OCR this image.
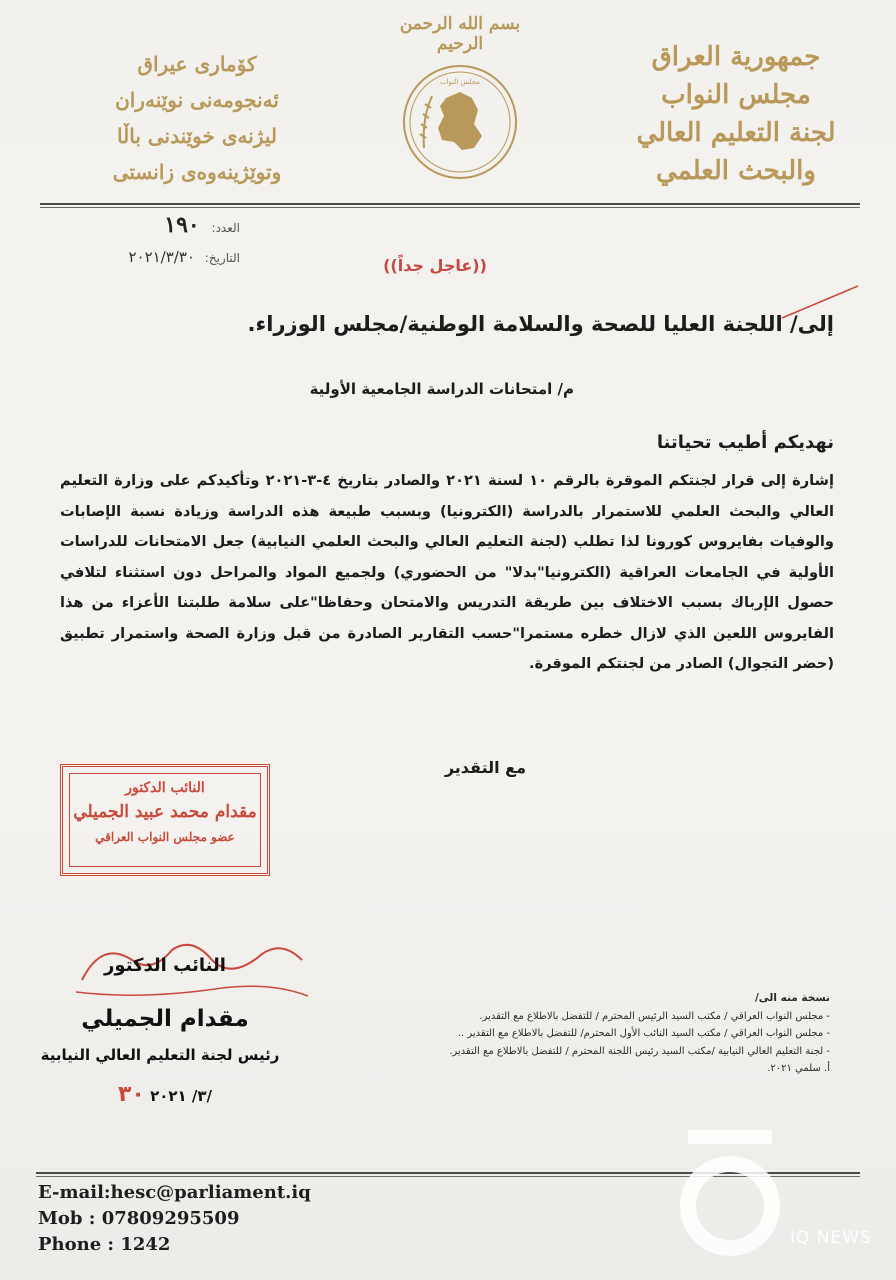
جمهورية العراق
مجلس النواب
لجنة التعليم العالي
والبحث العلمي
بسم الله الرحمن الرحيم
مجلس النواب
کۆماری عیراق
ئەنجومەنی نوێنەران
لیژنەی خوێندنی باڵا
وتوێژینەوەی زانستی
العدد: ١٩٠
التاريخ: ٢٠٢١/٣/٣٠	((عاجل جداً))
إلى/ اللجنة العليا للصحة والسلامة الوطنية/مجلس الوزراء.
م/ امتحانات الدراسة الجامعية الأولية
نهديكم أطيب تحياتنا
إشارة إلى قرار لجنتكم الموقرة بالرقم ١٠ لسنة ٢٠٢١ والصادر بتاريخ ٤-٣-٢٠٢١ وتأكيدكم على وزارة التعليم العالي والبحث العلمي للاستمرار بالدراسة (الكترونيا) وبسبب طبيعة هذه الدراسة وزيادة نسبة الإصابات والوفيات بفايروس كورونا لذا تطلب (لجنة التعليم العالي والبحث العلمي النيابية) جعل الامتحانات للدراسات الأولية في الجامعات العراقية (الكترونيا"بدلا" من الحضوري) ولجميع المواد والمراحل دون استثناء لتلافي حصول الإرباك بسبب الاختلاف بين طريقة التدريس والامتحان وحفاظا"على سلامة طلبتنا الأعزاء من هذا الفايروس اللعين الذي لازال خطره مستمرا"حسب التقارير الصادرة من قبل وزارة الصحة واستمرار تطبيق (حضر التجوال) الصادر من لجنتكم الموقرة.
مع التقدير
النائب الدكتور
مقدام محمد عبيد الجميلي
عضو مجلس النواب العراقي
النائب الدكتور
مقدام الجميلي
رئيس لجنة التعليم العالي النيابية
/٣/ ٢٠٢١ ٣٠
نسخة منه الى/
- مجلس النواب العراقي / مكتب السيد الرئيس المحترم / للتفضل بالاطلاع مع التقدير.
- مجلس النواب العراقي / مكتب السيد النائب الأول المحترم/ للتفضل بالاطلاع مع التقدير ..
- لجنة التعليم العالي النيابية /مكتب السيد رئيس اللجنة المحترم / للتفضل بالاطلاع مع التقدير.
أ. سلمي ٢٠٢١.
E-mail:hesc@parliament.iq
Mob : 07809295509
Phone : 1242	IQ NEWS
